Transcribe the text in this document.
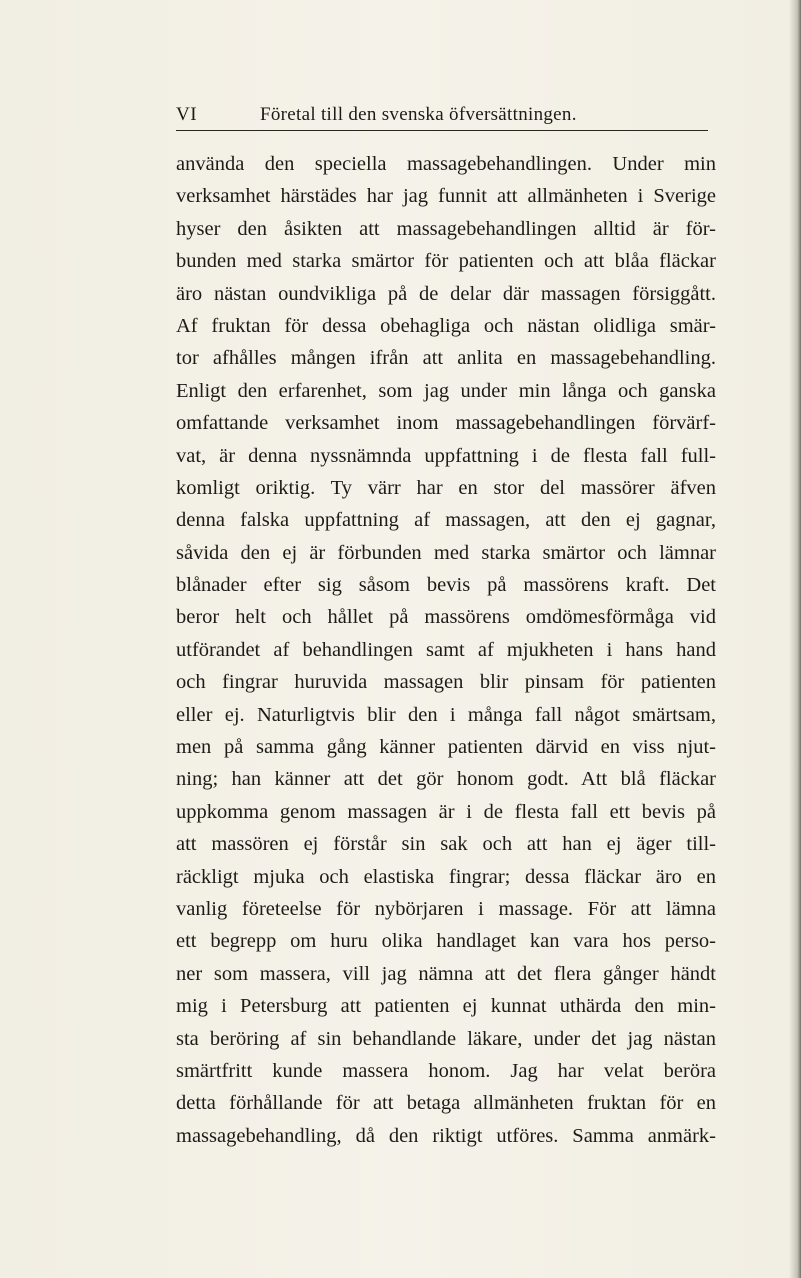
VI	Företal till den svenska öfversättningen.
använda den speciella massagebehandlingen. Under min
verksamhet härstädes har jag funnit att allmänheten i Sverige
hyser den åsikten att massagebehandlingen alltid är för-
bunden med starka smärtor för patienten och att blåa fläckar
äro nästan oundvikliga på de delar där massagen försiggått.
Af fruktan för dessa obehagliga och nästan olidliga smär-
tor afhålles mången ifrån att anlita en massagebehandling.
Enligt den erfarenhet, som jag under min långa och ganska
omfattande verksamhet inom massagebehandlingen förvärf-
vat, är denna nyssnämnda uppfattning i de flesta fall full-
komligt oriktig. Ty värr har en stor del massörer äfven
denna falska uppfattning af massagen, att den ej gagnar,
såvida den ej är förbunden med starka smärtor och lämnar
blånader efter sig såsom bevis på massörens kraft. Det
beror helt och hållet på massörens omdömesförmåga vid
utförandet af behandlingen samt af mjukheten i hans hand
och fingrar huruvida massagen blir pinsam för patienten
eller ej. Naturligtvis blir den i många fall något smärtsam,
men på samma gång känner patienten därvid en viss njut-
ning; han känner att det gör honom godt. Att blå fläckar
uppkomma genom massagen är i de flesta fall ett bevis på
att massören ej förstår sin sak och att han ej äger till-
räckligt mjuka och elastiska fingrar; dessa fläckar äro en
vanlig företeelse för nybörjaren i massage. För att lämna
ett begrepp om huru olika handlaget kan vara hos perso-
ner som massera, vill jag nämna att det flera gånger händt
mig i Petersburg att patienten ej kunnat uthärda den min-
sta beröring af sin behandlande läkare, under det jag nästan
smärtfritt kunde massera honom. Jag har velat beröra
detta förhållande för att betaga allmänheten fruktan för en
massagebehandling, då den riktigt utföres. Samma anmärk-
